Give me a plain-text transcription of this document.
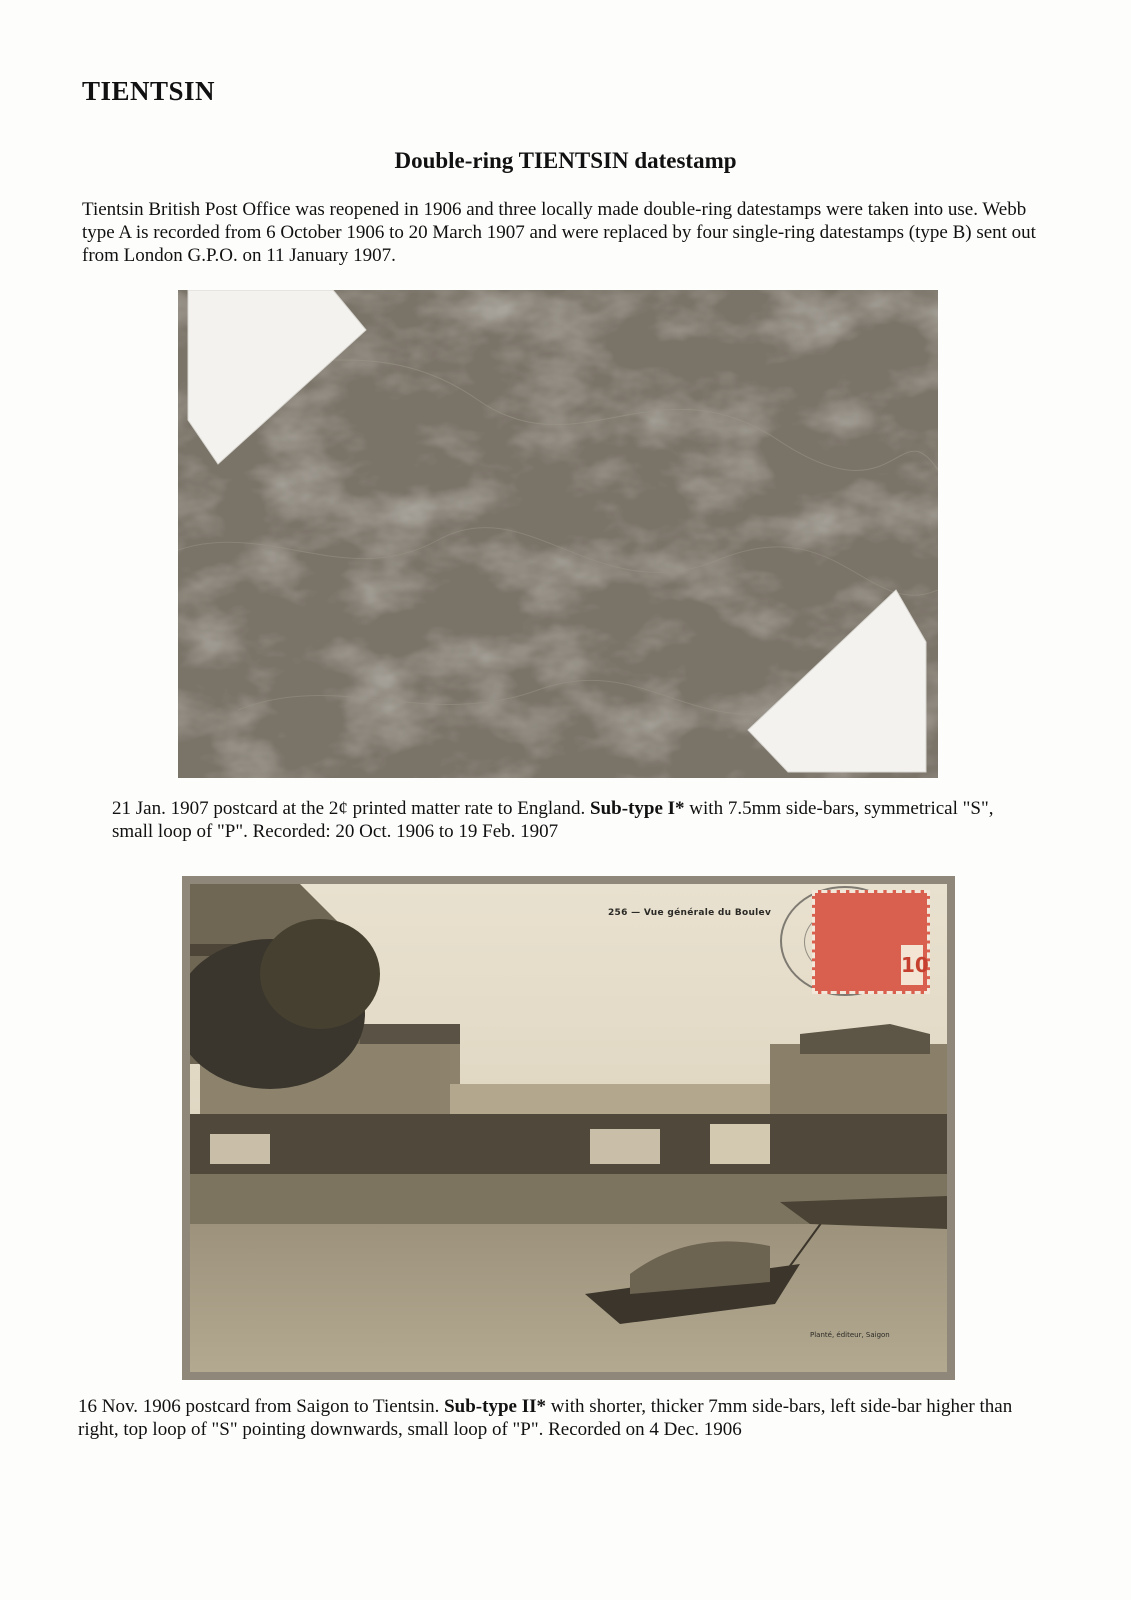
TIENTSIN
Double-ring TIENTSIN datestamp
Tientsin British Post Office was reopened in 1906 and three locally made double-ring datestamps were taken into use. Webb type A is recorded from 6 October 1906 to 20 March 1907 and were replaced by four single-ring datestamps (type B) sent out from London G.P.O. on 11 January 1907.
21 Jan. 1907 postcard at the 2¢ printed matter rate to England. Sub-type I* with 7.5mm side-bars, symmetrical "S", small loop of "P". Recorded: 20 Oct. 1906 to 19 Feb. 1907
10
256 — Vue générale du Boulev
Planté, éditeur, Saigon
16 Nov. 1906 postcard from Saigon to Tientsin. Sub-type II* with shorter, thicker 7mm side-bars, left side-bar higher than right, top loop of "S" pointing downwards, small loop of "P". Recorded on 4 Dec. 1906
